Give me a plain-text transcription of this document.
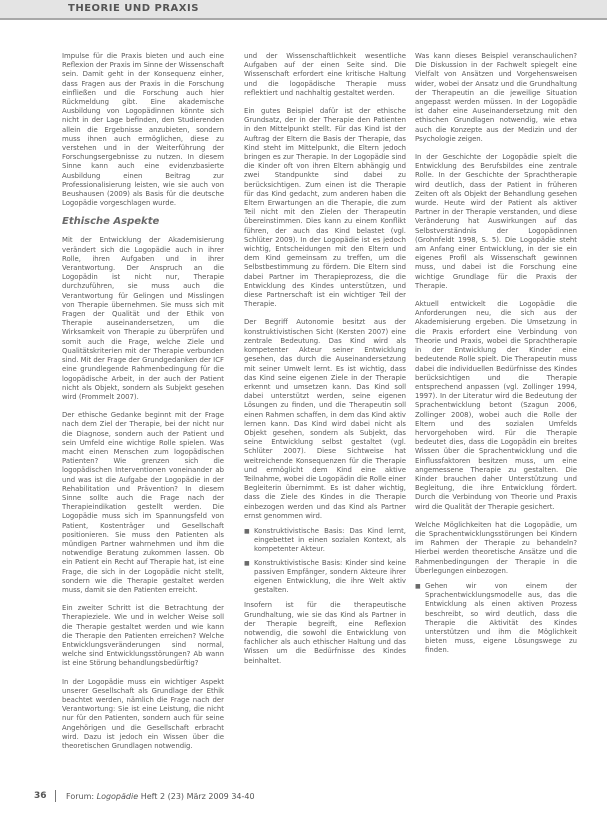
THEORIE UND PRAXIS

Impulse für die Praxis bieten und auch eine Reflexion der Praxis im Sinne der Wissenschaft sein. Damit geht in der Konsequenz einher, dass Fragen aus der Praxis in die Forschung einfließen und die Forschung auch hier Rückmeldung gibt. Eine akademische Ausbildung von Logopädinnen könnte sich nicht in der Lage befinden, den Studierenden allein die Ergebnisse anzubieten, sondern muss ihnen auch ermöglichen, diese zu verstehen und in der Weiterführung der Forschungsergebnisse zu nutzen. In diesem Sinne kann auch eine evidenzbasierte Ausbildung einen Beitrag zur Professionalisierung leisten, wie sie auch von Beushausen (2009) als Basis für die deutsche Logopädie vorgeschlagen wurde.

Ethische Aspekte

Mit der Entwicklung der Akademisierung verändert sich die Logopädie auch in ihrer Rolle, ihren Aufgaben und in ihrer Verantwortung. Der Anspruch an die Logopädin ist nicht nur, Therapie durchzuführen, sie muss auch die Verantwortung für Gelingen und Misslingen von Therapie übernehmen. Sie muss sich mit Fragen der Qualität und der Ethik von Therapie auseinandersetzen, um die Wirksamkeit von Therapie zu überprüfen und somit auch die Frage, welche Ziele und Qualitätskriterien mit der Therapie verbunden sind. Mit der Frage der Grundgedanken der ICF eine grundlegende Rahmenbedingung für die logopädische Arbeit, in der auch der Patient nicht als Objekt, sondern als Subjekt gesehen wird (Frommelt 2007).

Der ethische Gedanke beginnt mit der Frage nach dem Ziel der Therapie, bei der nicht nur die Diagnose, sondern auch der Patient und sein Umfeld eine wichtige Rolle spielen. Was macht einen Menschen zum logopädischen Patienten? Wie grenzen sich die logopädischen Interventionen voneinander ab und was ist die Aufgabe der Logopädie in der Rehabilitation und Prävention? In diesem Sinne sollte auch die Frage nach der Therapieindikation gestellt werden. Die Logopädie muss sich im Spannungsfeld von Patient, Kostenträger und Gesellschaft positionieren. Sie muss den Patienten als mündigen Partner wahrnehmen und ihm die notwendige Beratung zukommen lassen. Ob ein Patient ein Recht auf Therapie hat, ist eine Frage, die sich in der Logopädie nicht stellt, sondern wie die Therapie gestaltet werden muss, damit sie den Patienten erreicht.

Ein zweiter Schritt ist die Betrachtung der Therapieziele. Wie und in welcher Weise soll die Therapie gestaltet werden und wie kann die Therapie den Patienten erreichen? Welche Entwicklungsveränderungen sind normal, welche sind Entwicklungsstörungen? Ab wann ist eine Störung behandlungsbedürftig?

In der Logopädie muss ein wichtiger Aspekt unserer Gesellschaft als Grundlage der Ethik beachtet werden, nämlich die Frage nach der Verantwortung: Sie ist eine Leistung, die nicht nur für den Patienten, sondern auch für seine Angehörigen und die Gesellschaft erbracht wird. Dazu ist jedoch ein Wissen über die theoretischen Grundlagen notwendig.

und der Wissenschaftlichkeit wesentliche Aufgaben auf der einen Seite sind. Die Wissenschaft erfordert eine kritische Haltung und die logopädische Therapie muss reflektiert und nachhaltig gestaltet werden.

Ein gutes Beispiel dafür ist der ethische Grundsatz, der in der Therapie den Patienten in den Mittelpunkt stellt. Für das Kind ist der Auftrag der Eltern die Basis der Therapie, das Kind steht im Mittelpunkt, die Eltern jedoch bringen es zur Therapie. In der Logopädie sind die Kinder oft von ihren Eltern abhängig und zwei Standpunkte sind dabei zu berücksichtigen. Zum einen ist die Therapie für das Kind gedacht, zum anderen haben die Eltern Erwartungen an die Therapie, die zum Teil nicht mit den Zielen der Therapeutin übereinstimmen. Dies kann zu einem Konflikt führen, der auch das Kind belastet (vgl. Schlüter 2009). In der Logopädie ist es jedoch wichtig, Entscheidungen mit den Eltern und dem Kind gemeinsam zu treffen, um die Selbstbestimmung zu fördern. Die Eltern sind dabei Partner im Therapieprozess, die die Entwicklung des Kindes unterstützen, und diese Partnerschaft ist ein wichtiger Teil der Therapie.

Der Begriff Autonomie besitzt aus der konstruktivistischen Sicht (Kersten 2007) eine zentrale Bedeutung. Das Kind wird als kompetenter Akteur seiner Entwicklung gesehen, das durch die Auseinandersetzung mit seiner Umwelt lernt. Es ist wichtig, dass das Kind seine eigenen Ziele in der Therapie erkennt und umsetzen kann. Das Kind soll dabei unterstützt werden, seine eigenen Lösungen zu finden, und die Therapeutin soll einen Rahmen schaffen, in dem das Kind aktiv lernen kann. Das Kind wird dabei nicht als Objekt gesehen, sondern als Subjekt, das seine Entwicklung selbst gestaltet (vgl. Schlüter 2007). Diese Sichtweise hat weitreichende Konsequenzen für die Therapie und ermöglicht dem Kind eine aktive Teilnahme, wobei die Logopädin die Rolle einer Begleiterin übernimmt. Es ist daher wichtig, dass die Ziele des Kindes in die Therapie einbezogen werden und das Kind als Partner ernst genommen wird.

■ Konstruktivistische Basis: Das Kind lernt, eingebettet in einen sozialen Kontext, als kompetenter Akteur.
■ Konstruktivistische Basis: Kinder sind keine passiven Empfänger, sondern Akteure ihrer eigenen Entwicklung, die ihre Welt aktiv gestalten.

Insofern ist für die therapeutische Grundhaltung, wie sie das Kind als Partner in der Therapie begreift, eine Reflexion notwendig, die sowohl die Entwicklung von fachlicher als auch ethischer Haltung und das Wissen um die Bedürfnisse des Kindes beinhaltet.

Was kann dieses Beispiel veranschaulichen? Die Diskussion in der Fachwelt spiegelt eine Vielfalt von Ansätzen und Vorgehensweisen wider, wobei der Ansatz und die Grundhaltung der Therapeutin an die jeweilige Situation angepasst werden müssen. In der Logopädie ist daher eine Auseinandersetzung mit den ethischen Grundlagen notwendig, wie etwa auch die Konzepte aus der Medizin und der Psychologie zeigen.

In der Geschichte der Logopädie spielt die Entwicklung des Berufsbildes eine zentrale Rolle. In der Geschichte der Sprachtherapie wird deutlich, dass der Patient in früheren Zeiten oft als Objekt der Behandlung gesehen wurde. Heute wird der Patient als aktiver Partner in der Therapie verstanden, und diese Veränderung hat Auswirkungen auf das Selbstverständnis der Logopädinnen (Grohnfeldt 1998, S. 5). Die Logopädie steht am Anfang einer Entwicklung, in der sie ein eigenes Profil als Wissenschaft gewinnen muss, und dabei ist die Forschung eine wichtige Grundlage für die Praxis der Therapie.

Aktuell entwickelt die Logopädie die Anforderungen neu, die sich aus der Akademisierung ergeben. Die Umsetzung in die Praxis erfordert eine Verbindung von Theorie und Praxis, wobei die Sprachtherapie in der Entwicklung der Kinder eine bedeutende Rolle spielt. Die Therapeutin muss dabei die individuellen Bedürfnisse des Kindes berücksichtigen und die Therapie entsprechend anpassen (vgl. Zollinger 1994, 1997). In der Literatur wird die Bedeutung der Sprachentwicklung betont (Szagun 2006, Zollinger 2008), wobei auch die Rolle der Eltern und des sozialen Umfelds hervorgehoben wird. Für die Therapie bedeutet dies, dass die Logopädin ein breites Wissen über die Sprachentwicklung und die Einflussfaktoren besitzen muss, um eine angemessene Therapie zu gestalten. Die Kinder brauchen daher Unterstützung und Begleitung, die ihre Entwicklung fördert. Durch die Verbindung von Theorie und Praxis wird die Qualität der Therapie gesichert.

Welche Möglichkeiten hat die Logopädie, um die Sprachentwicklungsstörungen bei Kindern im Rahmen der Therapie zu behandeln? Hierbei werden theoretische Ansätze und die Rahmenbedingungen der Therapie in die Überlegungen einbezogen.

■ Gehen wir von einem der Sprachentwicklungsmodelle aus, das die Entwicklung als einen aktiven Prozess beschreibt, so wird deutlich, dass die Therapie die Aktivität des Kindes unterstützen und ihm die Möglichkeit bieten muss, eigene Lösungswege zu finden.
36 Forum: Logopädie Heft 2 (23) März 2009 34-40
